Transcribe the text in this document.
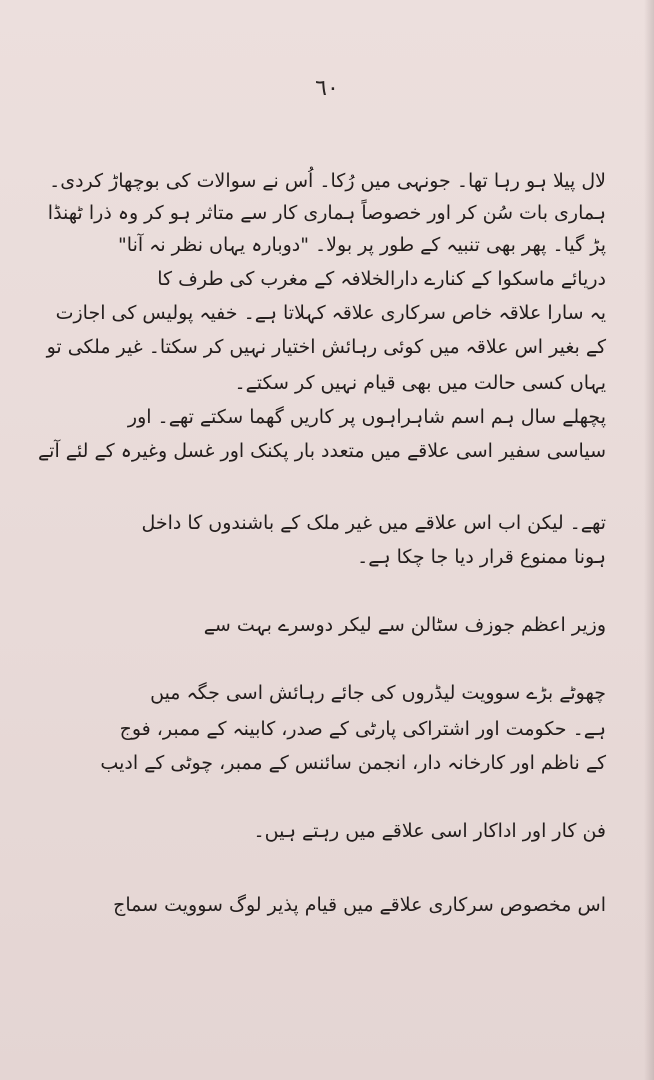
٦٠
لال پیلا ہو رہا تھا۔ جونہی میں رُکا۔ اُس نے سوالات کی بوچھاڑ کردی۔
ہماری بات سُن کر اور خصوصاً ہماری کار سے متاثر ہو کر وہ ذرا ٹھنڈا
پڑ گیا۔ پھر بھی تنبیہ کے طور پر بولا۔ "دوبارہ یہاں نظر نہ آنا"
دریائے ماسکوا کے کنارے دارالخلافہ کے مغرب کی طرف کا
یہ سارا علاقہ خاص سرکاری علاقہ کہلاتا ہے۔ خفیہ پولیس کی اجازت
کے بغیر اس علاقہ میں کوئی رہائش اختیار نہیں کر سکتا۔ غیر ملکی تو
یہاں کسی حالت میں بھی قیام نہیں کر سکتے۔
پچھلے سال ہم اسم شاہراہوں پر کاریں گھما سکتے تھے۔ اور
سیاسی سفیر اسی علاقے میں متعدد بار پکنک اور غسل وغیرہ کے لئے آتے
تھے۔ لیکن اب اس علاقے میں غیر ملک کے باشندوں کا داخل
ہونا ممنوع قرار دیا جا چکا ہے۔
وزیر اعظم جوزف سٹالن سے لیکر دوسرے بہت سے
چھوٹے بڑے سوویت لیڈروں کی جائے رہائش اسی جگہ میں
ہے۔ حکومت اور اشتراکی پارٹی کے صدر، کابینہ کے ممبر، فوج
کے ناظم اور کارخانہ دار، انجمن سائنس کے ممبر، چوٹی کے ادیب
فن کار اور اداکار اسی علاقے میں رہتے ہیں۔
اس مخصوص سرکاری علاقے میں قیام پذیر لوگ سوویت سماج
